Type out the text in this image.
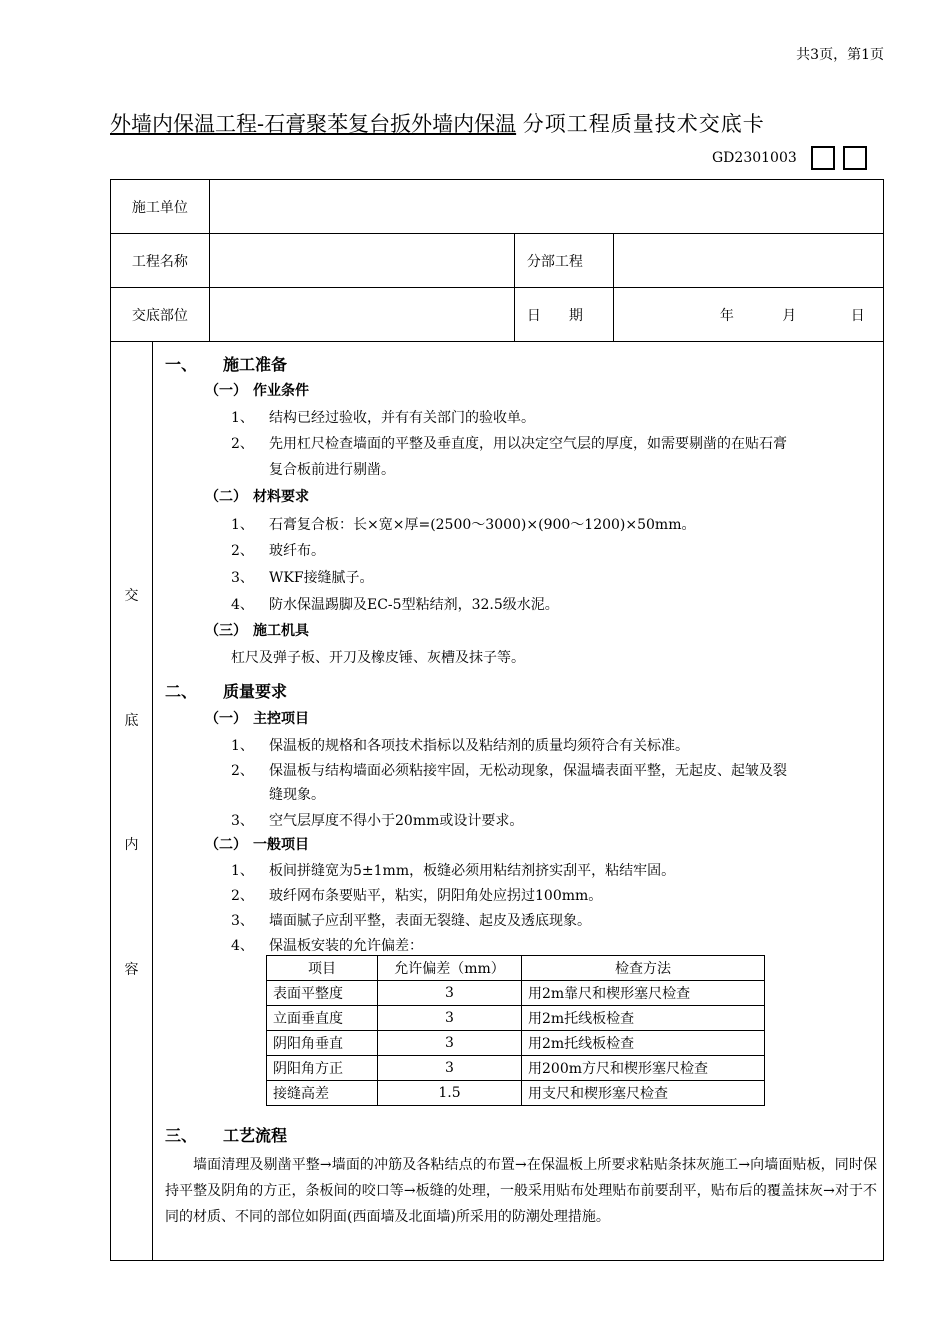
共3页，第1页
外墙内保温工程-石膏聚苯复台扳外墙内保温 分项工程质量技术交底卡
GD2301003
施工单位	
工程名称		分部工程	
交底部位		日　　期	年	月	日

交
底
内
容

一、 施工准备
（一） 作业条件
1、 结构已经过验收，并有有关部门的验收单。
2、 先用杠尺检查墙面的平整及垂直度，用以决定空气层的厚度，如需要剔凿的在贴石膏
复合板前进行剔凿。
（二） 材料要求
1、 石膏复合板：长×宽×厚=(2500～3000)×(900～1200)×50mm。
2、 玻纤布。
3、 WKF接缝腻子。
4、 防水保温踢脚及EC-5型粘结剂，32.5级水泥。
（三） 施工机具
杠尺及弹子板、开刀及橡皮锤、灰槽及抹子等。
二、 质量要求
（一） 主控项目
1、 保温板的规格和各项技术指标以及粘结剂的质量均须符合有关标准。
2、 保温板与结构墙面必须粘接牢固，无松动现象，保温墙表面平整，无起皮、起皱及裂
缝现象。
3、 空气层厚度不得小于20mm或设计要求。
（二） 一般项目
1、 板间拼缝宽为5±1mm，板缝必须用粘结剂挤实刮平，粘结牢固。
2、 玻纤网布条要贴平，粘实，阴阳角处应拐过100mm。
3、 墙面腻子应刮平整，表面无裂缝、起皮及透底现象。
4、 保温板安装的允许偏差：
项目	允许偏差（mm）	检查方法
表面平整度	3	用2m靠尺和楔形塞尺检查
立面垂直度	3	用2m托线板检查
阴阳角垂直	3	用2m托线板检查
阴阳角方正	3	用200m方尺和楔形塞尺检查
接缝高差	1.5	用支尺和楔形塞尺检查
三、 工艺流程
墙面清理及剔凿平整→墙面的冲筋及各粘结点的布置→在保温板上所要求粘贴条抹灰施工→向墙面贴板，同时保持平整及阴角的方正，条板间的咬口等→板缝的处理，一般采用贴布处理贴布前要刮平，贴布后的覆盖抹灰→对于不同的材质、不同的部位如阴面(西面墙及北面墙)所采用的防潮处理措施。
